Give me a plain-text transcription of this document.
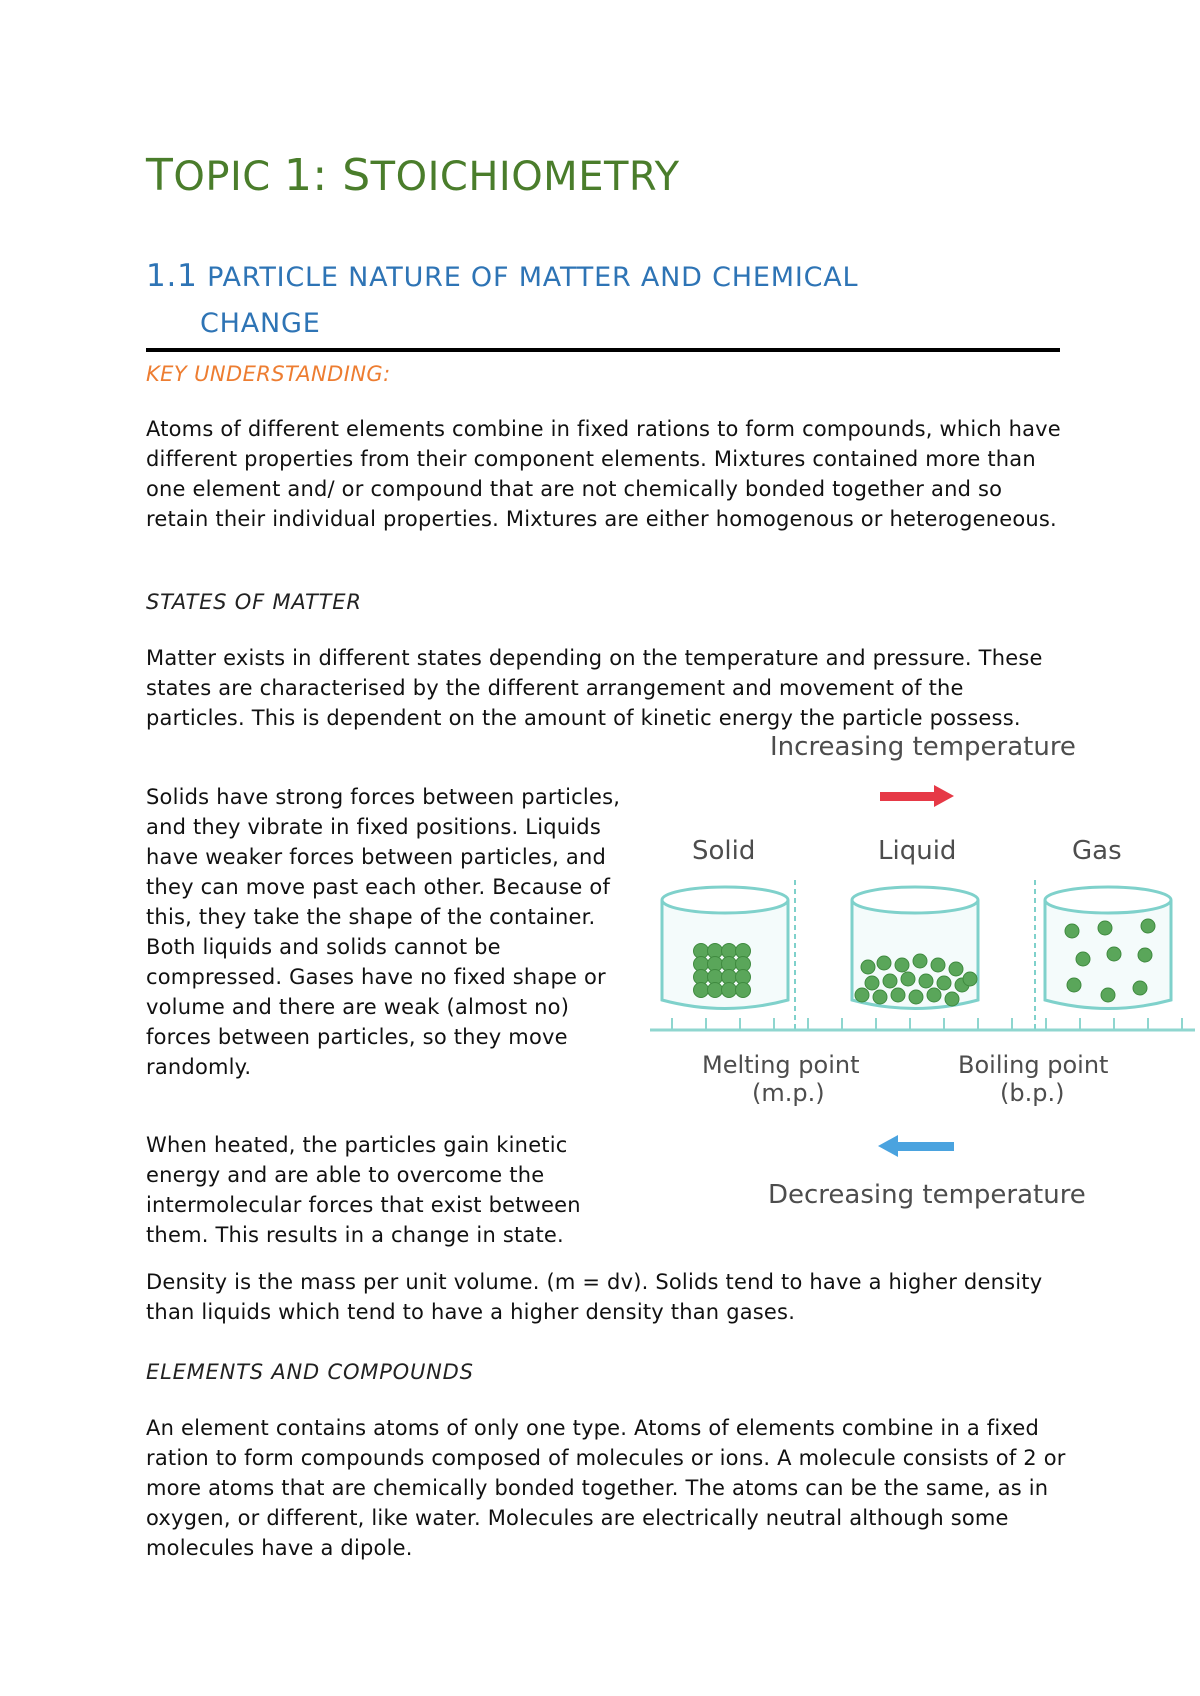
TOPIC 1: STOICHIOMETRY
1.1 PARTICLE NATURE OF MATTER AND CHEMICAL
CHANGE
KEY UNDERSTANDING:

Atoms of different elements combine in fixed rations to form compounds, which have different properties from their component elements. Mixtures contained more than one element and/ or compound that are not chemically bonded together and so retain their individual properties. Mixtures are either homogenous or heterogeneous.

STATES OF MATTER

Matter exists in different states depending on the temperature and pressure. These states are characterised by the different arrangement and movement of the particles. This is dependent on the amount of kinetic energy the particle possess.

Solids have strong forces between particles, and they vibrate in fixed positions. Liquids have weaker forces between particles, and they can move past each other. Because of this, they take the shape of the container. Both liquids and solids cannot be compressed. Gases have no fixed shape or volume and there are weak (almost no) forces between particles, so they move randomly.

When heated, the particles gain kinetic energy and are able to overcome the intermolecular forces that exist between them. This results in a change in state.

Density is the mass per unit volume. (m = dv). Solids tend to have a higher density than liquids which tend to have a higher density than gases.

ELEMENTS AND COMPOUNDS

An element contains atoms of only one type. Atoms of elements combine in a fixed ration to form compounds composed of molecules or ions. A molecule consists of 2 or more atoms that are chemically bonded together. The atoms can be the same, as in oxygen, or different, like water. Molecules are electrically neutral although some molecules have a dipole.

Increasing temperature
Solid	Liquid	Gas
Melting point
(m.p.)
Boiling point
(b.p.)
Decreasing temperature
